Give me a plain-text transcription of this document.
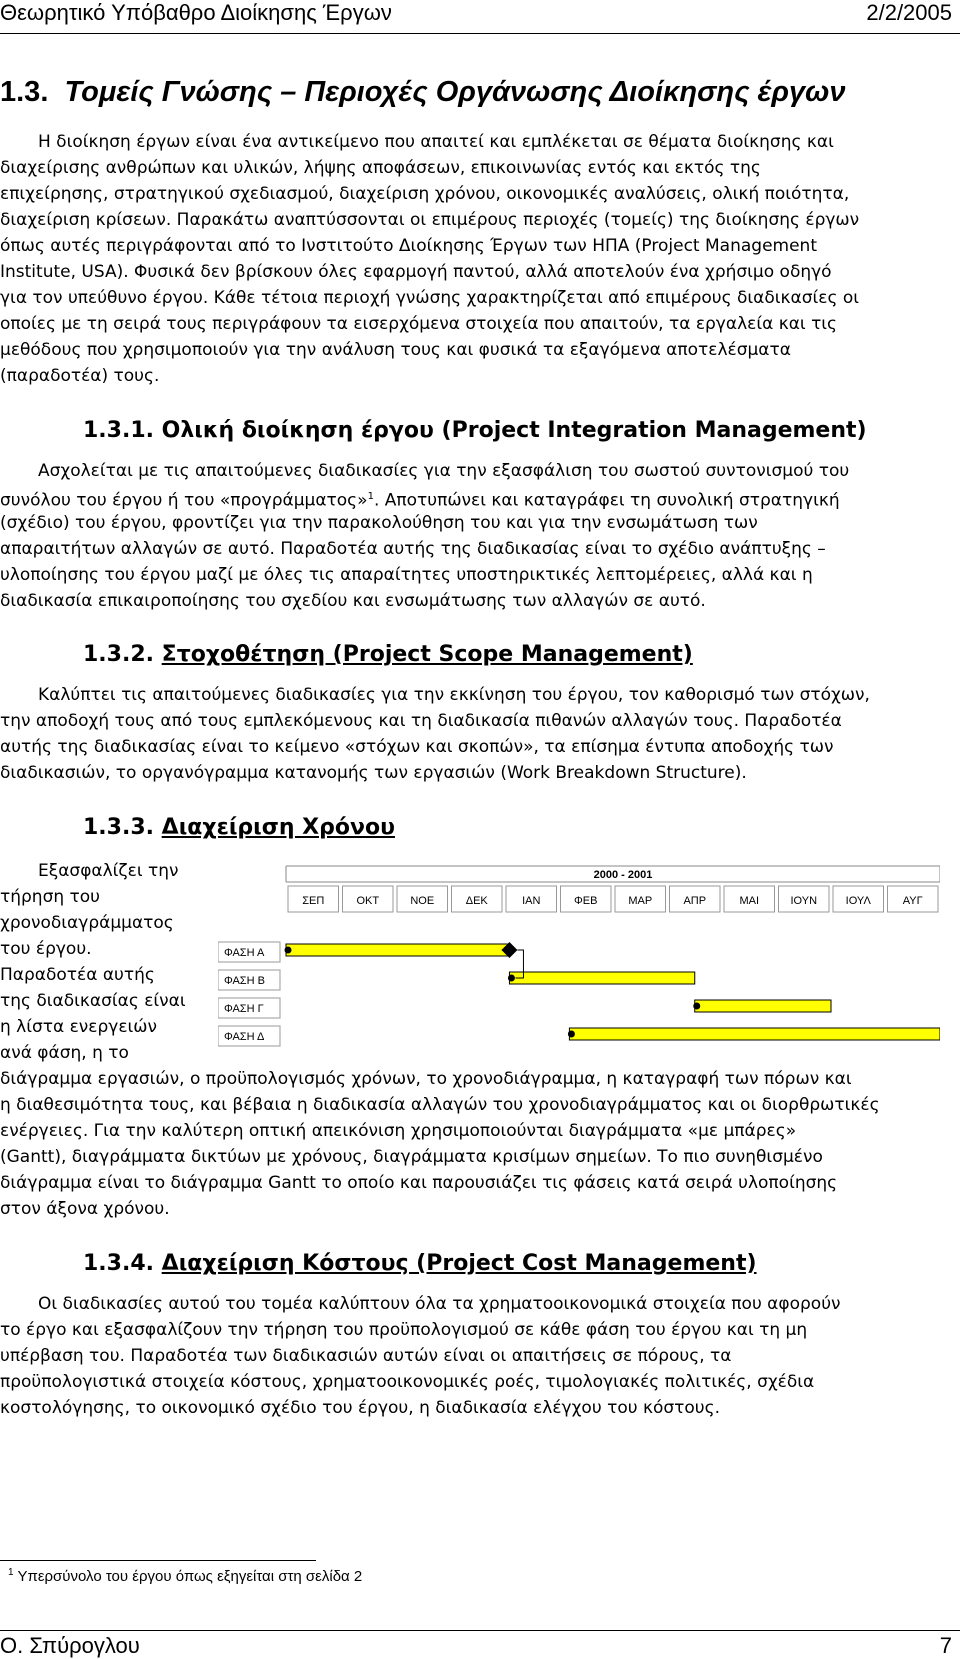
Θεωρητικό Υπόβαθρο Διοίκησης Έργων	2/2/2005
1.3. Τομείς Γνώσης – Περιοχές Οργάνωσης Διοίκησης έργων
Η διοίκηση έργων είναι ένα αντικείμενο που απαιτεί και εμπλέκεται σε θέματα διοίκησης και
διαχείρισης ανθρώπων και υλικών, λήψης αποφάσεων, επικοινωνίας εντός και εκτός της
επιχείρησης, στρατηγικού σχεδιασμού, διαχείριση χρόνου, οικονομικές αναλύσεις, ολική ποιότητα,
διαχείριση κρίσεων. Παρακάτω αναπτύσσονται οι επιμέρους περιοχές (τομείς) της διοίκησης έργων
όπως αυτές περιγράφονται από το Ινστιτούτο Διοίκησης Έργων των ΗΠΑ (Project Management
Institute, USA). Φυσικά δεν βρίσκουν όλες εφαρμογή παντού, αλλά αποτελούν ένα χρήσιμο οδηγό
για τον υπεύθυνο έργου. Κάθε τέτοια περιοχή γνώσης χαρακτηρίζεται από επιμέρους διαδικασίες οι
οποίες με τη σειρά τους περιγράφουν τα εισερχόμενα στοιχεία που απαιτούν, τα εργαλεία και τις
μεθόδους που χρησιμοποιούν για την ανάλυση τους και φυσικά τα εξαγόμενα αποτελέσματα
(παραδοτέα) τους.
1.3.1. Ολική διοίκηση έργου (Project Integration Management)
Ασχολείται με τις απαιτούμενες διαδικασίες για την εξασφάλιση του σωστού συντονισμού του
συνόλου του έργου ή του «προγράμματος»$^1$. Αποτυπώνει και καταγράφει τη συνολική στρατηγική
(σχέδιο) του έργου, φροντίζει για την παρακολούθηση του και για την ενσωμάτωση των
απαραιτήτων αλλαγών σε αυτό. Παραδοτέα αυτής της διαδικασίας είναι το σχέδιο ανάπτυξης –
υλοποίησης του έργου μαζί με όλες τις απαραίτητες υποστηρικτικές λεπτομέρειες, αλλά και η
διαδικασία επικαιροποίησης του σχεδίου και ενσωμάτωσης των αλλαγών σε αυτό.
1.3.2. Στοχοθέτηση (Project Scope Management)
Καλύπτει τις απαιτούμενες διαδικασίες για την εκκίνηση του έργου, τον καθορισμό των στόχων,
την αποδοχή τους από τους εμπλεκόμενους και τη διαδικασία πιθανών αλλαγών τους. Παραδοτέα
αυτής της διαδικασίας είναι το κείμενο «στόχων και σκοπών», τα επίσημα έντυπα αποδοχής των
διαδικασιών, το οργανόγραμμα κατανομής των εργασιών (Work Breakdown Structure).
1.3.3. Διαχείριση Χρόνου
Εξασφαλίζει την
τήρηση του
χρονοδιαγράμματος
του έργου.
Παραδοτέα αυτής
της διαδικασίας είναι
η λίστα ενεργειών
ανά φάση, η το
2000 - 2001
ΣΕΠ	ΟΚΤ	ΝΟΕ	ΔΕΚ	ΙΑΝ	ΦΕΒ	ΜΑΡ	ΑΠΡ	ΜΑΙ	ΙΟΥΝ	ΙΟΥΛ	ΑΥΓ
ΦΑΣΗ Α
ΦΑΣΗ Β
ΦΑΣΗ Γ
ΦΑΣΗ Δ
διάγραμμα εργασιών, ο προϋπολογισμός χρόνων, το χρονοδιάγραμμα, η καταγραφή των πόρων και
η διαθεσιμότητα τους, και βέβαια η διαδικασία αλλαγών του χρονοδιαγράμματος και οι διορθρωτικές
ενέργειες. Για την καλύτερη οπτική απεικόνιση χρησιμοποιούνται διαγράμματα «με μπάρες»
(Gantt), διαγράμματα δικτύων με χρόνους, διαγράμματα κρισίμων σημείων. Το πιο συνηθισμένο
διάγραμμα είναι το διάγραμμα Gantt το οποίο και παρουσιάζει τις φάσεις κατά σειρά υλοποίησης
στον άξονα χρόνου.
1.3.4. Διαχείριση Κόστους (Project Cost Management)
Οι διαδικασίες αυτού του τομέα καλύπτουν όλα τα χρηματοοικονομικά στοιχεία που αφορούν
το έργο και εξασφαλίζουν την τήρηση του προϋπολογισμού σε κάθε φάση του έργου και τη μη
υπέρβαση του. Παραδοτέα των διαδικασιών αυτών είναι οι απαιτήσεις σε πόρους, τα
προϋπολογιστικά στοιχεία κόστους, χρηματοοικονομικές ροές, τιμολογιακές πολιτικές, σχέδια
κοστολόγησης, το οικονομικό σχέδιο του έργου, η διαδικασία ελέγχου του κόστους.
$^1$ Υπερσύνολο του έργου όπως εξηγείται στη σελίδα 2
Ο. Σπύρογλου	7
